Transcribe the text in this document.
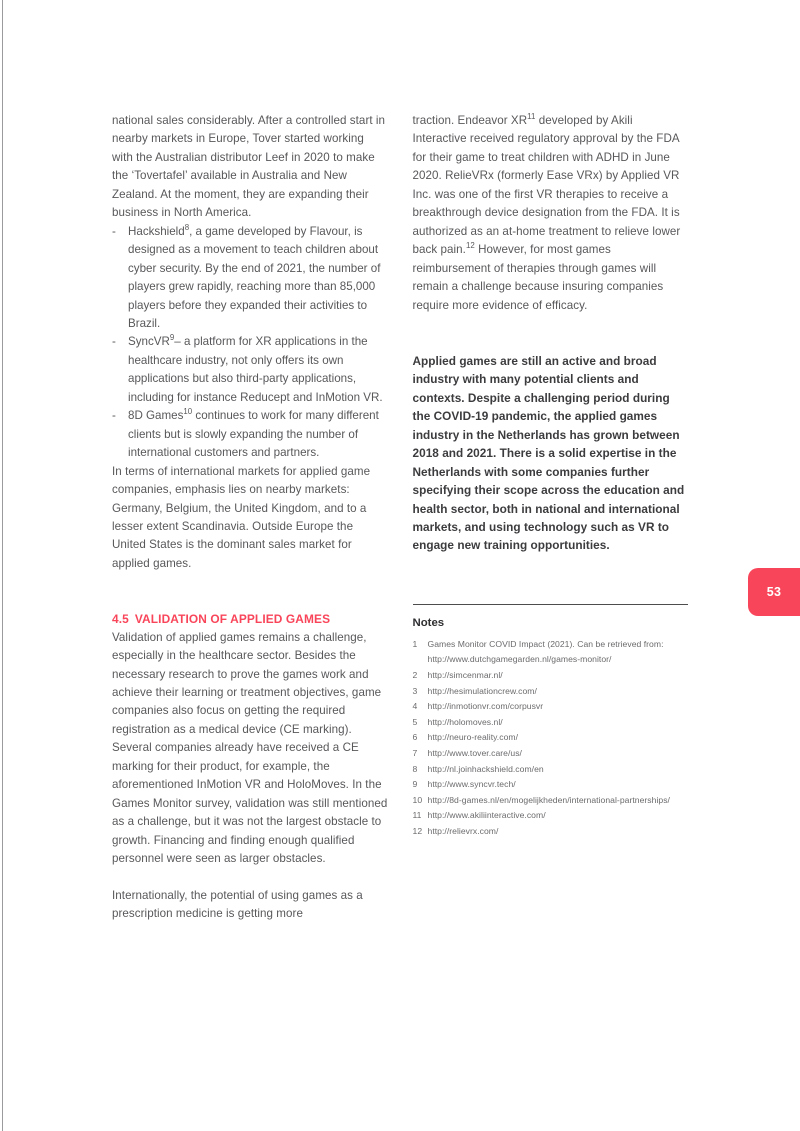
national sales considerably. After a controlled start in nearby markets in Europe, Tover started working with the Australian distributor Leef in 2020 to make the ‘Tovertafel’ available in Australia and New Zealand. At the moment, they are expanding their business in North America.

- Hackshield$^8$, a game developed by Flavour, is designed as a movement to teach children about cyber security. By the end of 2021, the number of players grew rapidly, reaching more than 85,000 players before they expanded their activities to Brazil.
- SyncVR$^9$– a platform for XR applications in the healthcare industry, not only offers its own applications but also third-party applications, including for instance Reducept and InMotion VR.
- 8D Games$^{10}$ continues to work for many different clients but is slowly expanding the number of international customers and partners.

In terms of international markets for applied game companies, emphasis lies on nearby markets: Germany, Belgium, the United Kingdom, and to a lesser extent Scandinavia. Outside Europe the United States is the dominant sales market for applied games.

4.5 VALIDATION OF APPLIED GAMES

Validation of applied games remains a challenge, especially in the healthcare sector. Besides the necessary research to prove the games work and achieve their learning or treatment objectives, game companies also focus on getting the required registration as a medical device (CE marking). Several companies already have received a CE marking for their product, for example, the aforementioned InMotion VR and HoloMoves. In the Games Monitor survey, validation was still mentioned as a challenge, but it was not the largest obstacle to growth. Financing and finding enough qualified personnel were seen as larger obstacles.

Internationally, the potential of using games as a prescription medicine is getting more

traction. Endeavor XR$^{11}$ developed by Akili Interactive received regulatory approval by the FDA for their game to treat children with ADHD in June 2020. RelieVRx (formerly Ease VRx) by Applied VR Inc. was one of the first VR therapies to receive a breakthrough device designation from the FDA. It is authorized as an at-home treatment to relieve lower back pain.$^{12}$ However, for most games reimbursement of therapies through games will remain a challenge because insuring companies require more evidence of efficacy.

Applied games are still an active and broad industry with many potential clients and contexts. Despite a challenging period during the COVID-19 pandemic, the applied games industry in the Netherlands has grown between 2018 and 2021. There is a solid expertise in the Netherlands with some companies further specifying their scope across the education and health sector, both in national and international markets, and using technology such as VR to engage new training opportunities.

Notes
1	Games Monitor COVID Impact (2021). Can be retrieved from: http://www.dutchgamegarden.nl/games-monitor/
2	http://simcenmar.nl/
3	http://hesimulationcrew.com/
4	http://inmotionvr.com/corpusvr
5	http://holomoves.nl/
6	http://neuro-reality.com/
7	http://www.tover.care/us/
8	http://nl.joinhackshield.com/en
9	http://www.syncvr.tech/
10 http://8d-games.nl/en/mogelijkheden/international-partnerships/
11 http://www.akiliinteractive.com/
12 http://relievrx.com/
53
